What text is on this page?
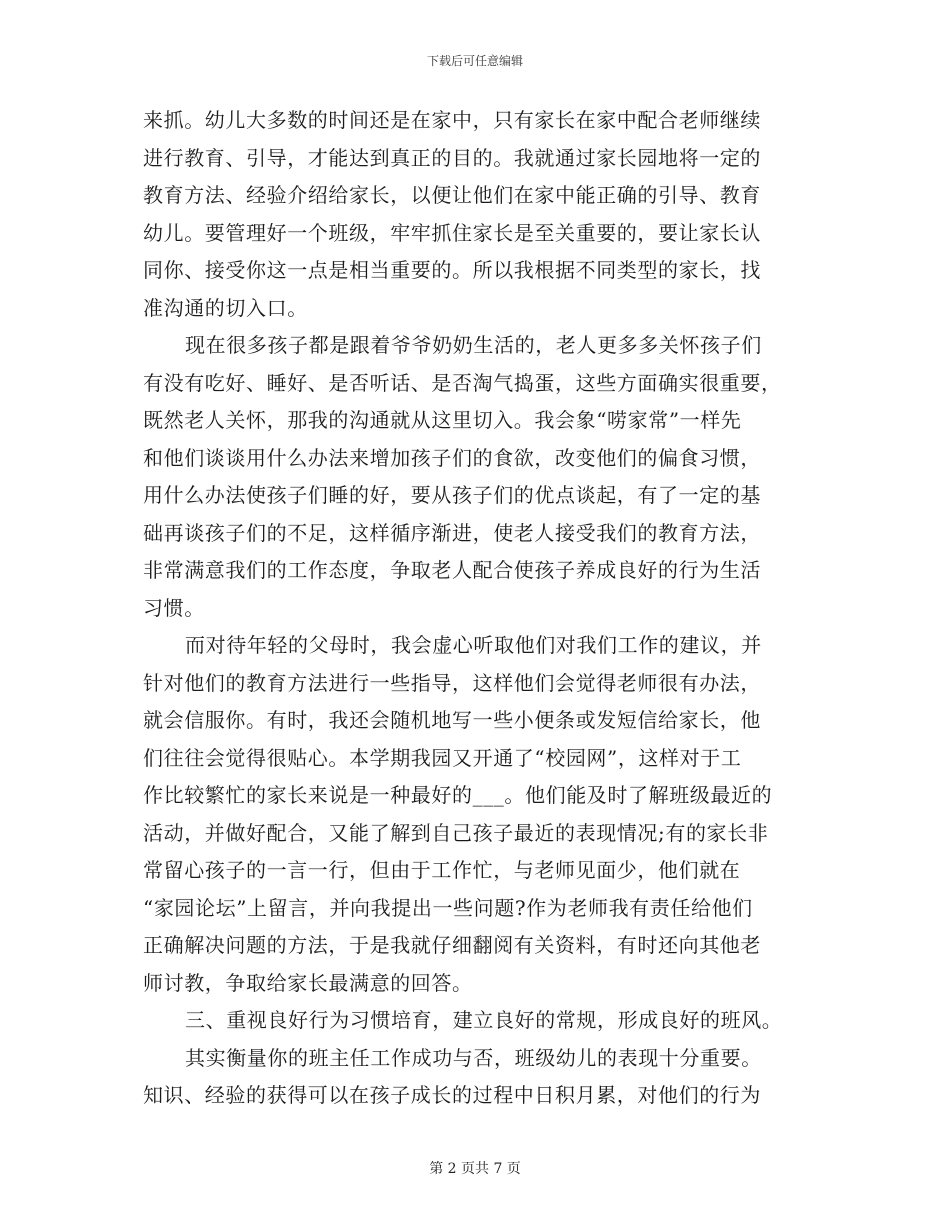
下载后可任意编辑
来抓。幼儿大多数的时间还是在家中，只有家长在家中配合老师继续
进行教育、引导，才能达到真正的目的。我就通过家长园地将一定的
教育方法、经验介绍给家长，以便让他们在家中能正确的引导、教育
幼儿。要管理好一个班级，牢牢抓住家长是至关重要的，要让家长认
同你、接受你这一点是相当重要的。所以我根据不同类型的家长，找
准沟通的切入口。
现在很多孩子都是跟着爷爷奶奶生活的，老人更多多关怀孩子们
有没有吃好、睡好、是否听话、是否淘气捣蛋，这些方面确实很重要，
既然老人关怀，那我的沟通就从这里切入。我会象“唠家常”一样先
和他们谈谈用什么办法来增加孩子们的食欲，改变他们的偏食习惯，
用什么办法使孩子们睡的好，要从孩子们的优点谈起，有了一定的基
础再谈孩子们的不足，这样循序渐进，使老人接受我们的教育方法，
非常满意我们的工作态度，争取老人配合使孩子养成良好的行为生活
习惯。
而对待年轻的父母时，我会虚心听取他们对我们工作的建议，并
针对他们的教育方法进行一些指导，这样他们会觉得老师很有办法，
就会信服你。有时，我还会随机地写一些小便条或发短信给家长，他
们往往会觉得很贴心。本学期我园又开通了“校园网”，这样对于工
作比较繁忙的家长来说是一种最好的___。他们能及时了解班级最近的
活动，并做好配合，又能了解到自己孩子最近的表现情况;有的家长非
常留心孩子的一言一行，但由于工作忙，与老师见面少，他们就在
“家园论坛”上留言，并向我提出一些问题?作为老师我有责任给他们
正确解决问题的方法，于是我就仔细翻阅有关资料，有时还向其他老
师讨教，争取给家长最满意的回答。
三、重视良好行为习惯培育，建立良好的常规，形成良好的班风。
其实衡量你的班主任工作成功与否，班级幼儿的表现十分重要。
知识、经验的获得可以在孩子成长的过程中日积月累，对他们的行为
第 2 页共 7 页
